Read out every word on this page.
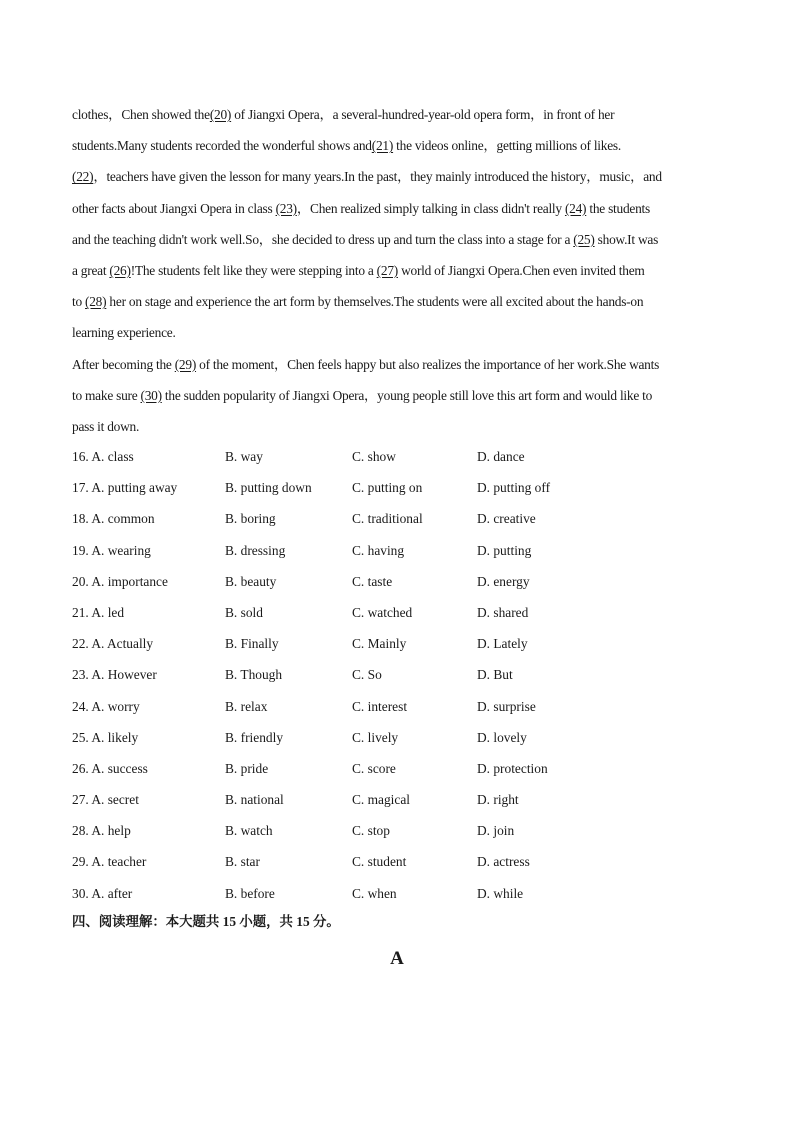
clothes，Chen showed the(20) of Jiangxi Opera，a several-hundred-year-old opera form，in front of her
students.Many students recorded the wonderful shows and(21) the videos online，getting millions of likes.
(22)，teachers have given the lesson for many years.In the past，they mainly introduced the history，music，and
other facts about Jiangxi Opera in class (23)，Chen realized simply talking in class didn't really (24) the students
and the teaching didn't work well.So，she decided to dress up and turn the class into a stage for a (25) show.It was
a great (26)!The students felt like they were stepping into a (27) world of Jiangxi Opera.Chen even invited them
to (28) her on stage and experience the art form by themselves.The students were all excited about the hands-on
learning experience.
After becoming the (29) of the moment，Chen feels happy but also realizes the importance of her work.She wants
to make sure (30) the sudden popularity of Jiangxi Opera，young people still love this art form and would like to
pass it down.
16. A. class	B. way	C. show	D. dance
17. A. putting away	B. putting down	C. putting on	D. putting off
18. A. common	B. boring	C. traditional	D. creative
19. A. wearing	B. dressing	C. having	D. putting
20. A. importance	B. beauty	C. taste	D. energy
21. A. led	B. sold	C. watched	D. shared
22. A. Actually	B. Finally	C. Mainly	D. Lately
23. A. However	B. Though	C. So	D. But
24. A. worry	B. relax	C. interest	D. surprise
25. A. likely	B. friendly	C. lively	D. lovely
26. A. success	B. pride	C. score	D. protection
27. A. secret	B. national	C. magical	D. right
28. A. help	B. watch	C. stop	D. join
29. A. teacher	B. star	C. student	D. actress
30. A. after	B. before	C. when	D. while
四、阅读理解：本大题共 15 小题，共 15 分。
A
